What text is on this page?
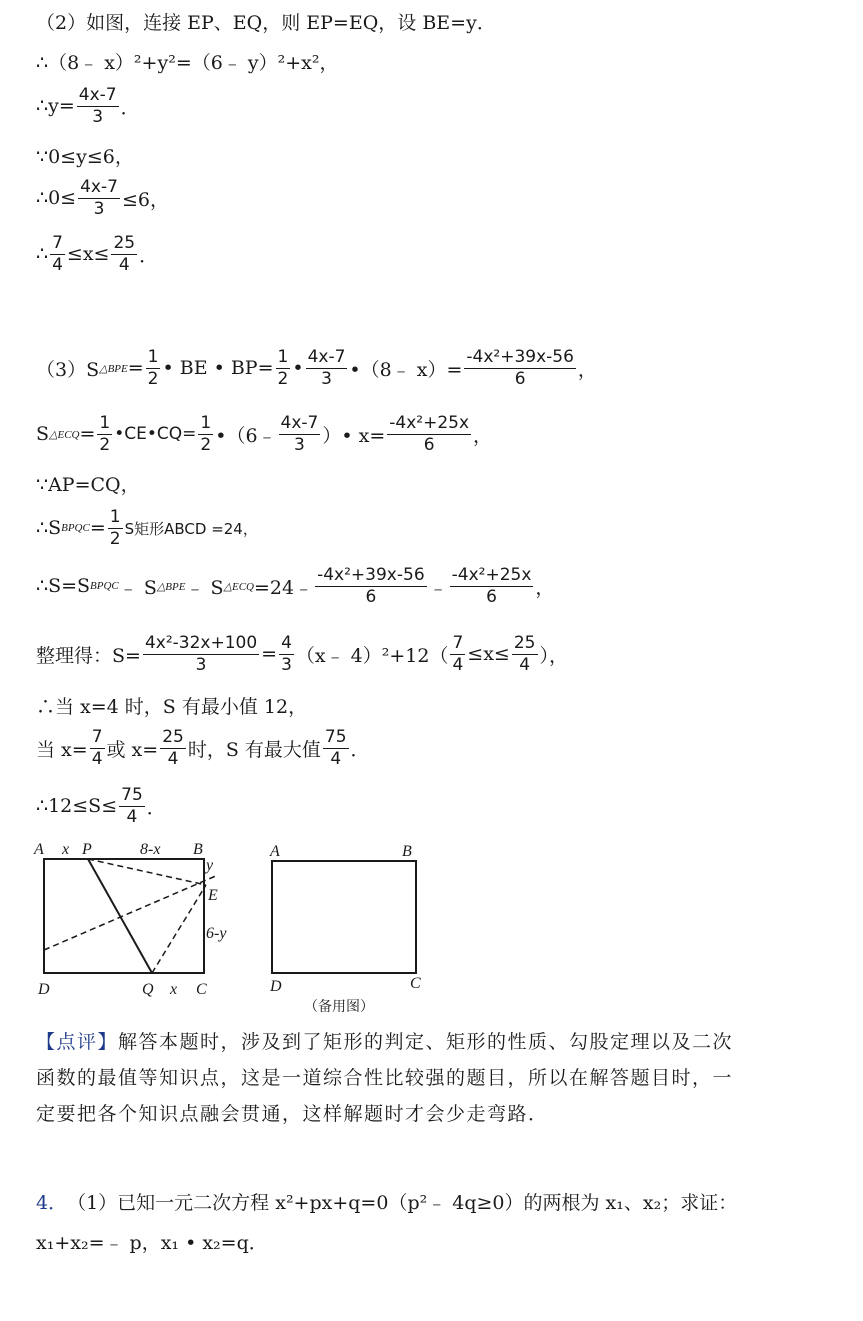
（2）如图，连接 EP、EQ，则 EP=EQ，设 BE=y．
∴（8﹣ x）²+y²=（6﹣ y）²+x²，
∴y= $\frac{4x-7}{3}$ ．
∵0≤y≤6，
∴0≤ $\frac{4x-7}{3} \le 6$，
∴ $\frac{7}{4} \le x\le \frac{25}{4}$ ．
（3）S △BPE = $\frac{1}{2}$ • BE • $BP= \frac{1}{2}$ • $\frac{4x-7}{3}$ •（8﹣ $x)= \frac{\text{-4x²+39x-56}}{6}$ ，
S △ECQ = $\frac{1}{2}$ •CE•CQ= $\frac{1}{2}$ •（6﹣ $\frac{4x-7}{3}$ ）• $x= \frac{\text{-4x²+25x}}{6}$ ，
∵AP=CQ，
∴S BPQC = $\frac{1}{2}$ S矩形ABCD =24，
∴S=S BPQC ﹣ S △BPE ﹣ S △ECQ =24﹣ $\frac{\text{-4x²+39x-56}}{6}$ ﹣ $\frac{\text{-4x²+25x}}{6}$ ，
整理得：$S= \frac{\text{4x²-32x+100}}{3} = \frac{4}{3}$ （x﹣ $4)^2+12( \frac{7}{4} \le x\le \frac{25}{4}$ ），
∴当 x=4 时，S 有最小值 12，
当 $x= \frac{7}{4}$ 或 $x= \frac{25}{4}$ 时，S 有最大值 $\frac{75}{4}$ ．
∴12≤S≤ $\frac{75}{4}$ ．
A x P	8-x B
y
E
6-y
D	Q x C
A	B
D	C
（备用图）
【点评】解答本题时，涉及到了矩形的判定、矩形的性质、勾股定理以及二次
函数的最值等知识点，这是一道综合性比较强的题目，所以在解答题目时，一
定要把各个知识点融会贯通，这样解题时才会少走弯路．
4． （1）已知一元二次方程 x²+px+q=0（p²﹣ 4q≥0）的两根为 x₁、x₂；求证：
x₁+x₂=﹣ p，x₁ • x₂=q．
